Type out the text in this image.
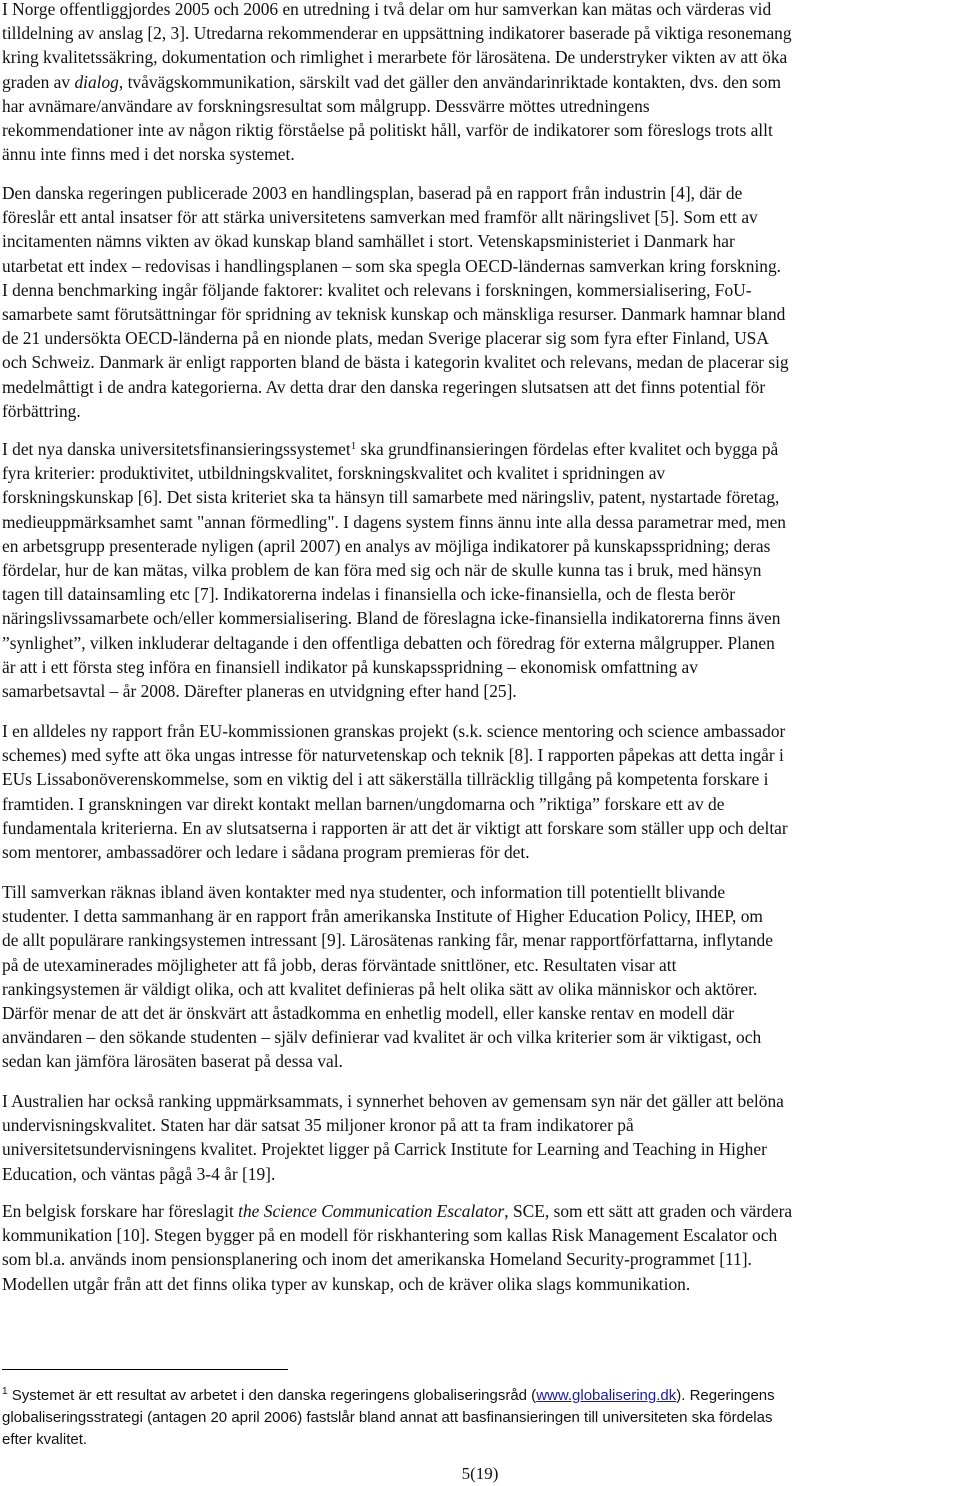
I Norge offentliggjordes 2005 och 2006 en utredning i två delar om hur samverkan kan mätas och värderas vid
tilldelning av anslag [2, 3]. Utredarna rekommenderar en uppsättning indikatorer baserade på viktiga resonemang
kring kvalitetssäkring, dokumentation och rimlighet i merarbete för lärosätena. De understryker vikten av att öka
graden av dialog, tvåvägskommunikation, särskilt vad det gäller den användarinriktade kontakten, dvs. den som
har avnämare/användare av forskningsresultat som målgrupp. Dessvärre möttes utredningens
rekommendationer inte av någon riktig förståelse på politiskt håll, varför de indikatorer som föreslogs trots allt
ännu inte finns med i det norska systemet.

Den danska regeringen publicerade 2003 en handlingsplan, baserad på en rapport från industrin [4], där de
föreslår ett antal insatser för att stärka universitetens samverkan med framför allt näringslivet [5]. Som ett av
incitamenten nämns vikten av ökad kunskap bland samhället i stort. Vetenskapsministeriet i Danmark har
utarbetat ett index – redovisas i handlingsplanen – som ska spegla OECD-ländernas samverkan kring forskning.
I denna benchmarking ingår följande faktorer: kvalitet och relevans i forskningen, kommersialisering, FoU-
samarbete samt förutsättningar för spridning av teknisk kunskap och mänskliga resurser. Danmark hamnar bland
de 21 undersökta OECD-länderna på en nionde plats, medan Sverige placerar sig som fyra efter Finland, USA
och Schweiz. Danmark är enligt rapporten bland de bästa i kategorin kvalitet och relevans, medan de placerar sig
medelmåttigt i de andra kategorierna. Av detta drar den danska regeringen slutsatsen att det finns potential för
förbättring.

I det nya danska universitetsfinansieringssystemet$^1$ ska grundfinansieringen fördelas efter kvalitet och bygga på
fyra kriterier: produktivitet, utbildningskvalitet, forskningskvalitet och kvalitet i spridningen av
forskningskunskap [6]. Det sista kriteriet ska ta hänsyn till samarbete med näringsliv, patent, nystartade företag,
medieuppmärksamhet samt "annan förmedling". I dagens system finns ännu inte alla dessa parametrar med, men
en arbetsgrupp presenterade nyligen (april 2007) en analys av möjliga indikatorer på kunskapsspridning; deras
fördelar, hur de kan mätas, vilka problem de kan föra med sig och när de skulle kunna tas i bruk, med hänsyn
tagen till datainsamling etc [7]. Indikatorerna indelas i finansiella och icke-finansiella, och de flesta berör
näringslivssamarbete och/eller kommersialisering. Bland de föreslagna icke-finansiella indikatorerna finns även
”synlighet”, vilken inkluderar deltagande i den offentliga debatten och föredrag för externa målgrupper. Planen
är att i ett första steg införa en finansiell indikator på kunskapsspridning – ekonomisk omfattning av
samarbetsavtal – år 2008. Därefter planeras en utvidgning efter hand [25].

I en alldeles ny rapport från EU-kommissionen granskas projekt (s.k. science mentoring och science ambassador
schemes) med syfte att öka ungas intresse för naturvetenskap och teknik [8]. I rapporten påpekas att detta ingår i
EUs Lissabonöverenskommelse, som en viktig del i att säkerställa tillräcklig tillgång på kompetenta forskare i
framtiden. I granskningen var direkt kontakt mellan barnen/ungdomarna och ”riktiga” forskare ett av de
fundamentala kriterierna. En av slutsatserna i rapporten är att det är viktigt att forskare som ställer upp och deltar
som mentorer, ambassadörer och ledare i sådana program premieras för det.

Till samverkan räknas ibland även kontakter med nya studenter, och information till potentiellt blivande
studenter. I detta sammanhang är en rapport från amerikanska Institute of Higher Education Policy, IHEP, om
de allt populärare rankingsystemen intressant [9]. Lärosätenas ranking får, menar rapportförfattarna, inflytande
på de utexaminerades möjligheter att få jobb, deras förväntade snittlöner, etc. Resultaten visar att
rankingsystemen är väldigt olika, och att kvalitet definieras på helt olika sätt av olika människor och aktörer.
Därför menar de att det är önskvärt att åstadkomma en enhetlig modell, eller kanske rentav en modell där
användaren – den sökande studenten – själv definierar vad kvalitet är och vilka kriterier som är viktigast, och
sedan kan jämföra lärosäten baserat på dessa val.

I Australien har också ranking uppmärksammats, i synnerhet behoven av gemensam syn när det gäller att belöna
undervisningskvalitet. Staten har där satsat 35 miljoner kronor på att ta fram indikatorer på
universitetsundervisningens kvalitet. Projektet ligger på Carrick Institute for Learning and Teaching in Higher
Education, och väntas pågå 3-4 år [19].

En belgisk forskare har föreslagit the Science Communication Escalator, SCE, som ett sätt att graden och värdera
kommunikation [10]. Stegen bygger på en modell för riskhantering som kallas Risk Management Escalator och
som bl.a. används inom pensionsplanering och inom det amerikanska Homeland Security-programmet [11].
Modellen utgår från att det finns olika typer av kunskap, och de kräver olika slags kommunikation.

$^1$ Systemet är ett resultat av arbetet i den danska regeringens globaliseringsråd (www.globalisering.dk). Regeringens
globaliseringsstrategi (antagen 20 april 2006) fastslår bland annat att basfinansieringen till universiteten ska fördelas
efter kvalitet.
5(19)
